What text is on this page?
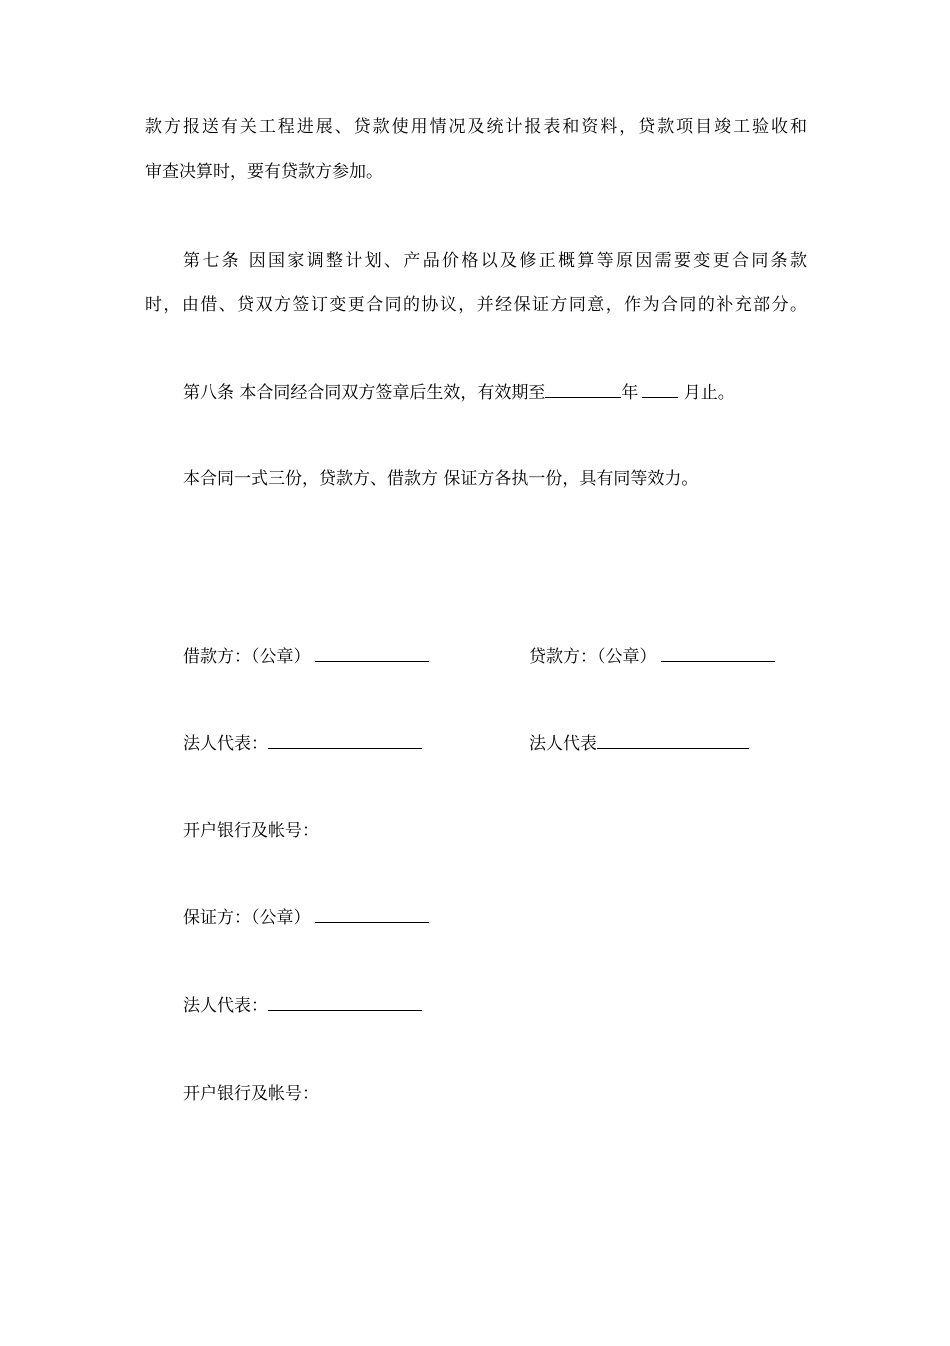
款方报送有关工程进展、贷款使用情况及统计报表和资料，贷款项目竣工验收和
审查决算时，要有贷款方参加。
第七条 因国家调整计划、产品价格以及修正概算等原因需要变更合同条款
时，由借、贷双方签订变更合同的协议，并经保证方同意，作为合同的补充部分。
第八条 本合同经合同双方签章后生效，有效期至	年 月止。
本合同一式三份，贷款方、借款方 保证方各执一份，具有同等效力。
借款方：（公章）	贷款方：（公章）
法人代表：	法人代表
开户银行及帐号：
保证方：（公章）
法人代表：
开户银行及帐号：
